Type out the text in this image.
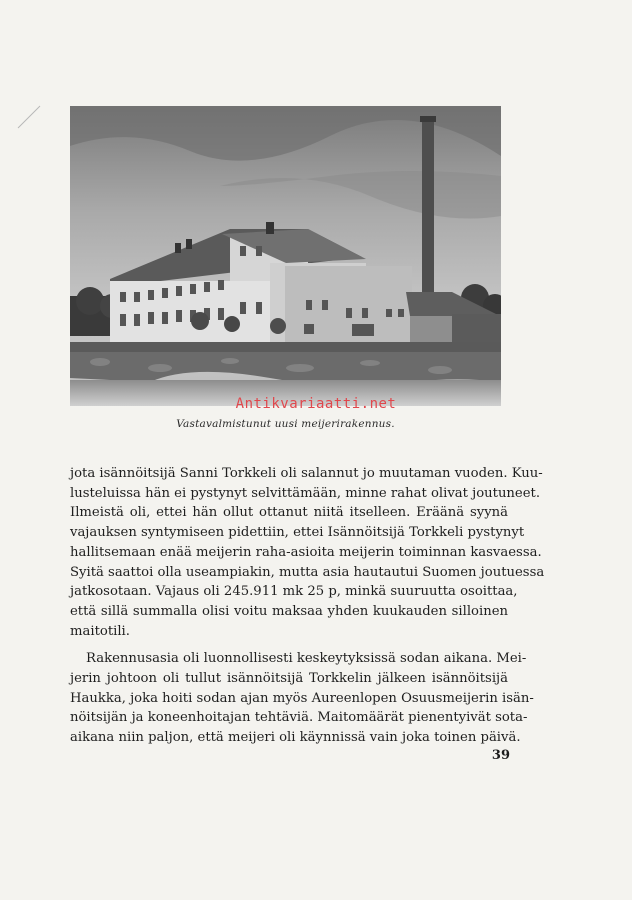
Antikvariaatti.net
Vastavalmistunut uusi meijerirakennus.

jota isännöitsijä Sanni Torkkeli oli salannut jo muutaman vuoden. Kuu-
lusteluissa hän ei pystynyt selvittämään, minne rahat olivat joutuneet.
Ilmeistä oli, ettei hän ollut ottanut niitä itselleen. Eräänä syynä
vajauksen syntymiseen pidettiin, ettei Isännöitsijä Torkkeli pystynyt
hallitsemaan enää meijerin raha-asioita meijerin toiminnan kasvaessa.
Syitä saattoi olla useampiakin, mutta asia hautautui Suomen joutuessa
jatkosotaan. Vajaus oli 245.911 mk 25 p, minkä suuruutta osoittaa,
että sillä summalla olisi voitu maksaa yhden kuukauden silloinen
maitotili.

Rakennusasia oli luonnollisesti keskeytyksissä sodan aikana. Mei-
jerin johtoon oli tullut isännöitsijä Torkkelin jälkeen isännöitsijä
Haukka, joka hoiti sodan ajan myös Aureenlopen Osuusmeijerin isän-
nöitsijän ja koneenhoitajan tehtäviä. Maitomäärät pienentyivät sota-
aikana niin paljon, että meijeri oli käynnissä vain joka toinen päivä.

39
